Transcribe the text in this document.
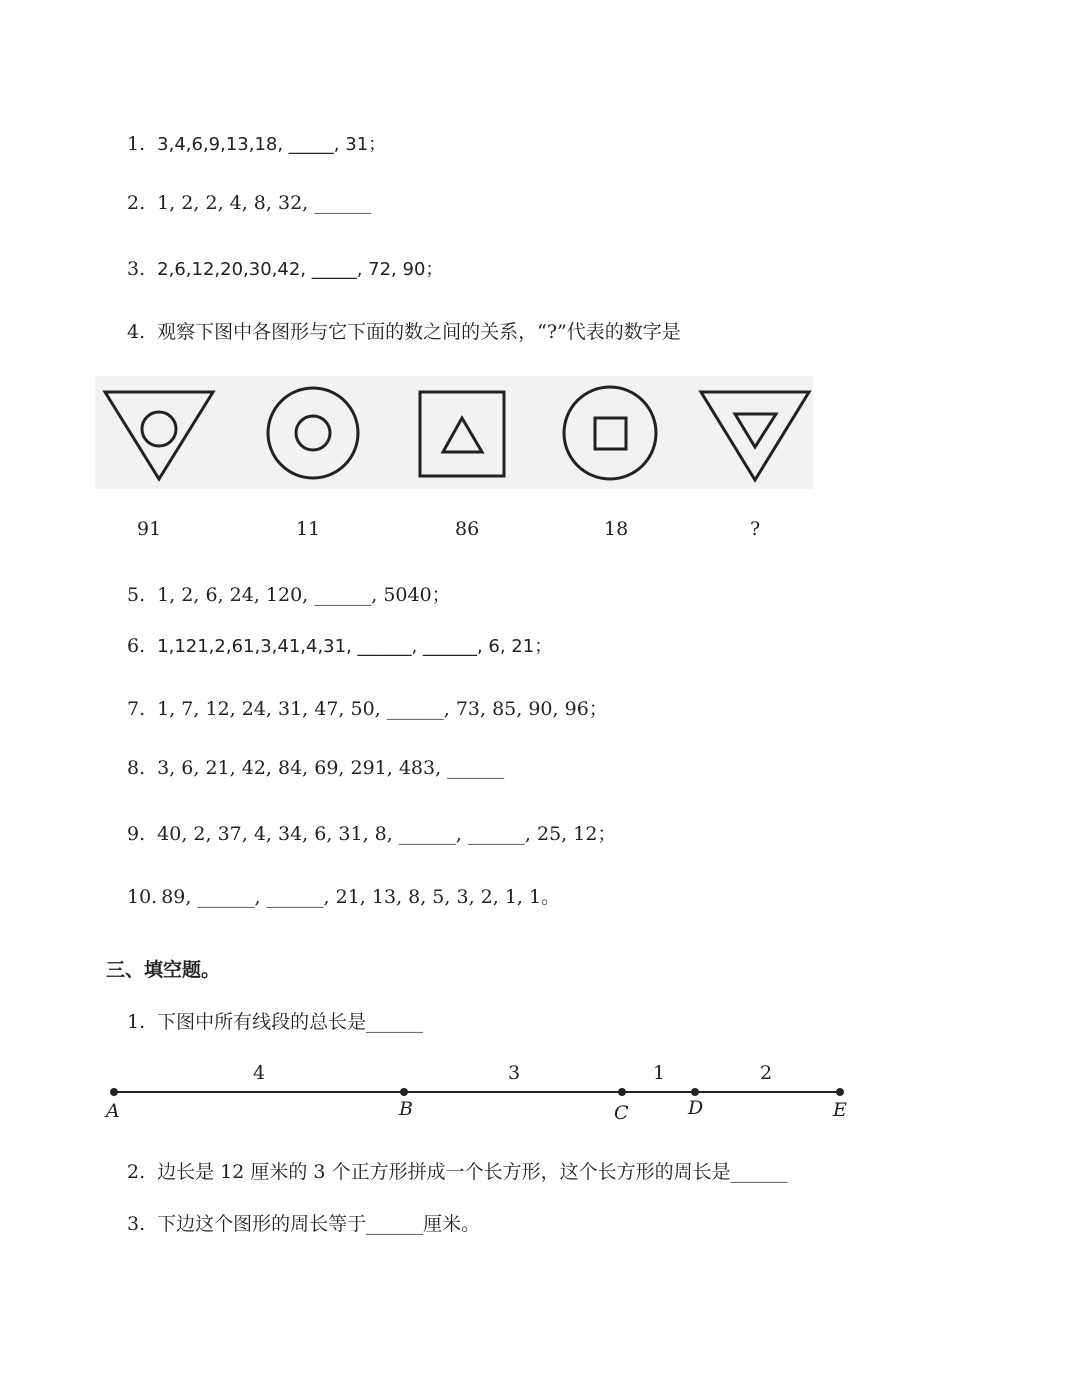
1. 3,4,6,9,13,18, _____, 31；
2. 1, 2, 2, 4, 8, 32, ______
3. 2,6,12,20,30,42, _____, 72, 90；
4. 观察下图中各图形与它下面的数之间的关系，“?”代表的数字是
91	11	86	18	?
5. 1, 2, 6, 24, 120, ______, 5040；
6. 1,121,2,61,3,41,4,31, ______, ______, 6, 21；
7. 1, 7, 12, 24, 31, 47, 50, ______, 73, 85, 90, 96；
8. 3, 6, 21, 42, 84, 69, 291, 483, ______
9. 40, 2, 37, 4, 34, 6, 31, 8, ______, ______, 25, 12；
10. 89, ______, ______, 21, 13, 8, 5, 3, 2, 1, 1。
三、填空题。
1. 下图中所有线段的总长是______
4	3	1	2
A	B	C	D	E
2. 边长是 12 厘米的 3 个正方形拼成一个长方形，这个长方形的周长是______
3. 下边这个图形的周长等于______厘米。
